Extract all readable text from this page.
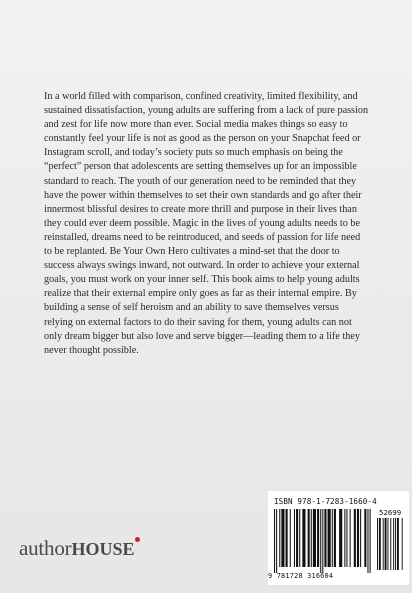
In a world filled with comparison, confined creativity, limited flexibility, and sustained dissatisfaction, young adults are suffering from a lack of pure passion and zest for life now more than ever. Social media makes things so easy to constantly feel your life is not as good as the person on your Snapchat feed or Instagram scroll, and today’s society puts so much emphasis on being the “perfect” person that adolescents are setting themselves up for an impossible standard to reach. The youth of our generation need to be reminded that they have the power within themselves to set their own standards and go after their innermost blissful desires to create more thrill and purpose in their lives than they could ever deem possible. Magic in the lives of young adults needs to be reinstalled, dreams need to be reintroduced, and seeds of passion for life need to be replanted. Be Your Own Hero cultivates a mind-set that the door to success always swings inward, not outward. In order to achieve your external goals, you must work on your inner self. This book aims to help young adults realize that their external empire only goes as far as their internal empire. By building a sense of self heroism and an ability to save themselves versus relying on external factors to do their saving for them, young adults can not only dream bigger but also love and serve bigger—leading them to a life they never thought possible.

authorHOUSE
ISBN 978-1-7283-1660-4
52699
9 781728 316604
